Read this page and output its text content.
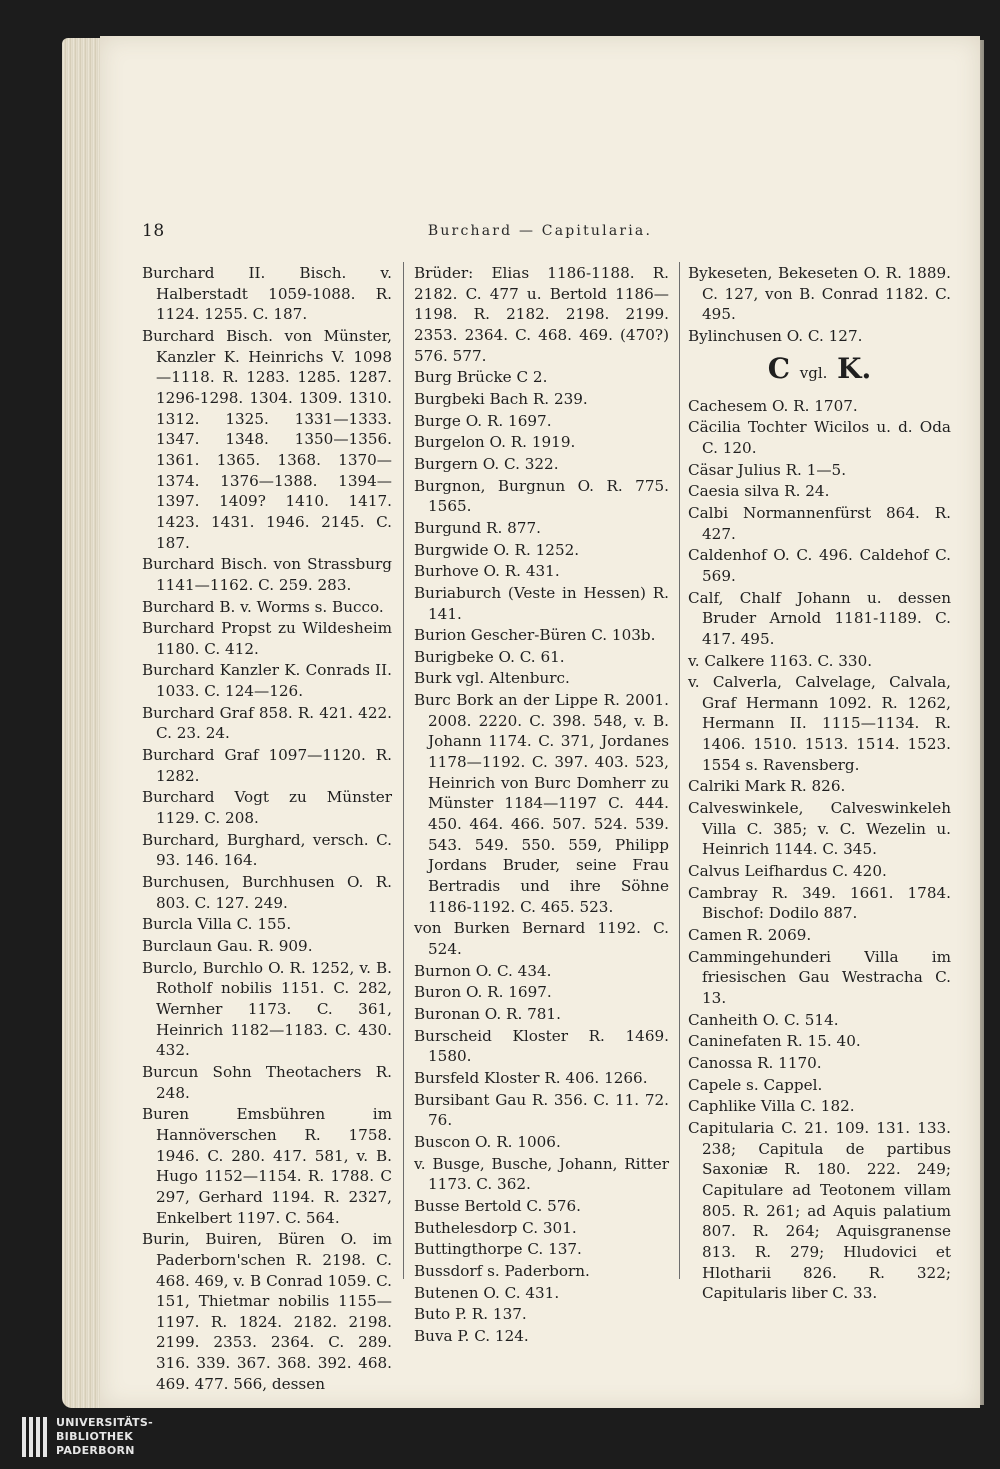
18	Burchard — Capitularia.

Burchard II. Bisch. v. Halberstadt 1059-1088. R. 1124. 1255. C. 187.

Burchard Bisch. von Münster, Kanzler K. Heinrichs V. 1098—1118. R. 1283. 1285. 1287. 1296-1298. 1304. 1309. 1310. 1312. 1325. 1331—1333. 1347. 1348. 1350—1356. 1361. 1365. 1368. 1370—1374. 1376—1388. 1394—1397. 1409? 1410. 1417. 1423. 1431. 1946. 2145. C. 187.

Burchard Bisch. von Strassburg 1141—1162. C. 259. 283.

Burchard B. v. Worms s. Bucco.

Burchard Propst zu Wildesheim 1180. C. 412.

Burchard Kanzler K. Conrads II. 1033. C. 124—126.

Burchard Graf 858. R. 421. 422. C. 23. 24.

Burchard Graf 1097—1120. R. 1282.

Burchard Vogt zu Münster 1129. C. 208.

Burchard, Burghard, versch. C. 93. 146. 164.

Burchusen, Burchhusen O. R. 803. C. 127. 249.

Burcla Villa C. 155.

Burclaun Gau. R. 909.

Burclo, Burchlo O. R. 1252, v. B. Rotholf nobilis 1151. C. 282, Wernher 1173. C. 361, Heinrich 1182—1183. C. 430. 432.

Burcun Sohn Theotachers R. 248.

Buren Emsbühren im Hannöverschen R. 1758. 1946. C. 280. 417. 581, v. B. Hugo 1152—1154. R. 1788. C 297, Gerhard 1194. R. 2327, Enkelbert 1197. C. 564.

Burin, Buiren, Büren O. im Paderborn'schen R. 2198. C. 468. 469, v. B Conrad 1059. C. 151, Thietmar nobilis 1155—1197. R. 1824. 2182. 2198. 2199. 2353. 2364. C. 289. 316. 339. 367. 368. 392. 468. 469. 477. 566, dessen

Brüder: Elias 1186-1188. R. 2182. C. 477 u. Bertold 1186—1198. R. 2182. 2198. 2199. 2353. 2364. C. 468. 469. (470?) 576. 577.

Burg Brücke C 2.

Burgbeki Bach R. 239.

Burge O. R. 1697.

Burgelon O. R. 1919.

Burgern O. C. 322.

Burgnon, Burgnun O. R. 775. 1565.

Burgund R. 877.

Burgwide O. R. 1252.

Burhove O. R. 431.

Buriaburch (Veste in Hessen) R. 141.

Burion Gescher-Büren C. 103b.

Burigbeke O. C. 61.

Burk vgl. Altenburc.

Burc Bork an der Lippe R. 2001. 2008. 2220. C. 398. 548, v. B. Johann 1174. C. 371, Jordanes 1178—1192. C. 397. 403. 523, Heinrich von Burc Domherr zu Münster 1184—1197 C. 444. 450. 464. 466. 507. 524. 539. 543. 549. 550. 559, Philipp Jordans Bruder, seine Frau Bertradis und ihre Söhne 1186-1192. C. 465. 523.

von Burken Bernard 1192. C. 524.

Burnon O. C. 434.

Buron O. R. 1697.

Buronan O. R. 781.

Burscheid Kloster R. 1469. 1580.

Bursfeld Kloster R. 406. 1266.

Bursibant Gau R. 356. C. 11. 72. 76.

Buscon O. R. 1006.

v. Busge, Busche, Johann, Ritter 1173. C. 362.

Busse Bertold C. 576.

Buthelesdorp C. 301.

Buttingthorpe C. 137.

Bussdorf s. Paderborn.

Butenen O. C. 431.

Buto P. R. 137.

Buva P. C. 124.

Bykeseten, Bekeseten O. R. 1889. C. 127, von B. Conrad 1182. C. 495.

Bylinchusen O. C. 127.

C vgl. K.

Cachesem O. R. 1707.

Cäcilia Tochter Wicilos u. d. Oda C. 120.

Cäsar Julius R. 1—5.

Caesia silva R. 24.

Calbi Normannenfürst 864. R. 427.

Caldenhof O. C. 496. Caldehof C. 569.

Calf, Chalf Johann u. dessen Bruder Arnold 1181-1189. C. 417. 495.

v. Calkere 1163. C. 330.

v. Calverla, Calvelage, Calvala, Graf Hermann 1092. R. 1262, Hermann II. 1115—1134. R. 1406. 1510. 1513. 1514. 1523. 1554 s. Ravensberg.

Calriki Mark R. 826.

Calveswinkele, Calveswinkeleh Villa C. 385; v. C. Wezelin u. Heinrich 1144. C. 345.

Calvus Leifhardus C. 420.

Cambray R. 349. 1661. 1784. Bischof: Dodilo 887.

Camen R. 2069.

Cammingehunderi Villa im friesischen Gau Westracha C. 13.

Canheith O. C. 514.

Caninefaten R. 15. 40.

Canossa R. 1170.

Capele s. Cappel.

Caphlike Villa C. 182.

Capitularia C. 21. 109. 131. 133. 238; Capitula de partibus Saxoniæ R. 180. 222. 249; Capitulare ad Teotonem villam 805. R. 261; ad Aquis palatium 807. R. 264; Aquisgranense 813. R. 279; Hludovici et Hlotharii 826. R. 322; Capitularis liber C. 33.

UNIVERSITÄTS-
BIBLIOTHEK
PADERBORN
